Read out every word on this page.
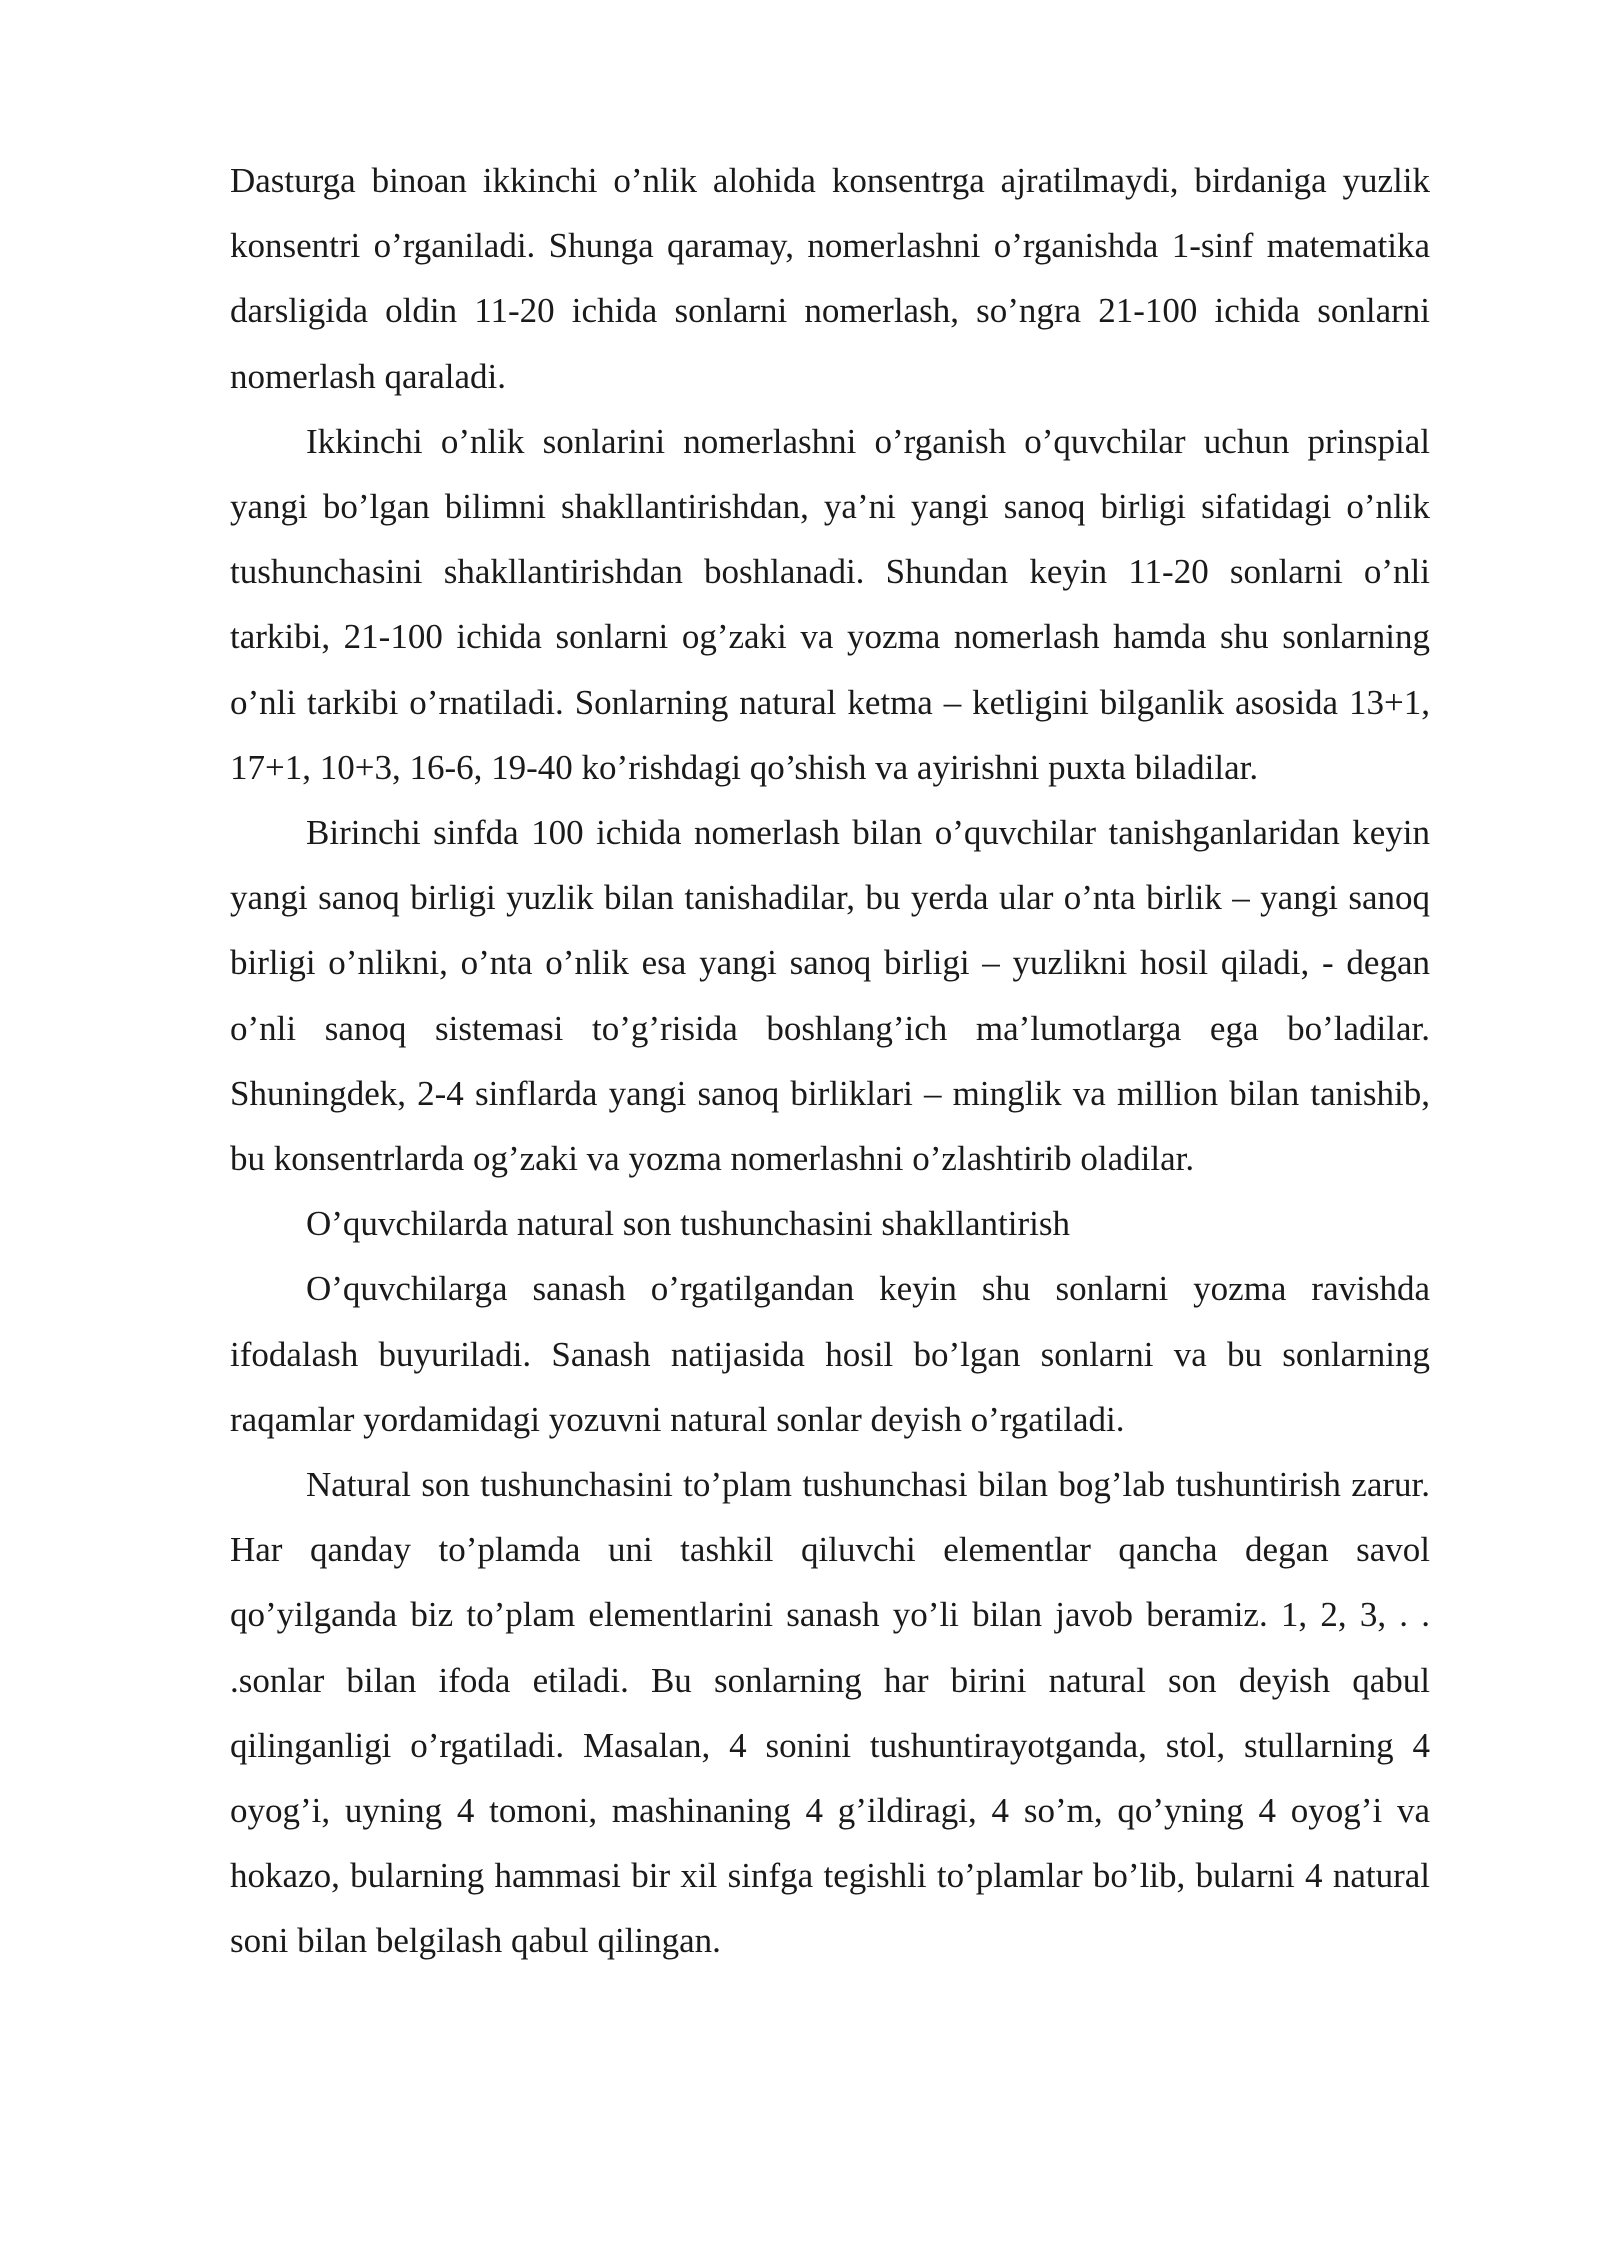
Dasturga binoan ikkinchi o’nlik alohida konsentrga ajratilmaydi, birdaniga yuzlik konsentri o’rganiladi. Shunga qaramay, nomerlashni o’rganishda 1-sinf matematika darsligida oldin 11-20 ichida sonlarni nomerlash, so’ngra 21-100 ichida sonlarni nomerlash qaraladi.

Ikkinchi o’nlik sonlarini nomerlashni o’rganish o’quvchilar uchun prinspial yangi bo’lgan bilimni shakllantirishdan, ya’ni yangi sanoq birligi sifatidagi o’nlik tushunchasini shakllantirishdan boshlanadi. Shundan keyin 11-20 sonlarni o’nli tarkibi, 21-100 ichida sonlarni og’zaki va yozma nomerlash hamda shu sonlarning o’nli tarkibi o’rnatiladi. Sonlarning natural ketma – ketligini bilganlik asosida 13+1, 17+1, 10+3, 16-6, 19-40 ko’rishdagi qo’shish va ayirishni puxta biladilar.

Birinchi sinfda 100 ichida nomerlash bilan o’quvchilar tanishganlaridan keyin yangi sanoq birligi yuzlik bilan tanishadilar, bu yerda ular o’nta birlik – yangi sanoq birligi o’nlikni, o’nta o’nlik esa yangi sanoq birligi – yuzlikni hosil qiladi, - degan o’nli sanoq sistemasi to’g’risida boshlang’ich ma’lumotlarga ega bo’ladilar. Shuningdek, 2-4 sinflarda yangi sanoq birliklari – minglik va million bilan tanishib, bu konsentrlarda og’zaki va yozma nomerlashni o’zlashtirib oladilar.

O’quvchilarda natural son tushunchasini shakllantirish

O’quvchilarga sanash o’rgatilgandan keyin shu sonlarni yozma ravishda ifodalash buyuriladi. Sanash natijasida hosil bo’lgan sonlarni va bu sonlarning raqamlar yordamidagi yozuvni natural sonlar deyish o’rgatiladi.

Natural son tushunchasini to’plam tushunchasi bilan bog’lab tushuntirish zarur. Har qanday to’plamda uni tashkil qiluvchi elementlar qancha degan savol qo’yilganda biz to’plam elementlarini sanash yo’li bilan javob beramiz. 1, 2, 3, . . .sonlar bilan ifoda etiladi. Bu sonlarning har birini natural son deyish qabul qilinganligi o’rgatiladi. Masalan, 4 sonini tushuntirayotganda, stol, stullarning 4 oyog’i, uyning 4 tomoni, mashinaning 4 g’ildiragi, 4 so’m, qo’yning 4 oyog’i va hokazo, bularning hammasi bir xil sinfga tegishli to’plamlar bo’lib, bularni 4 natural soni bilan belgilash qabul qilingan.
